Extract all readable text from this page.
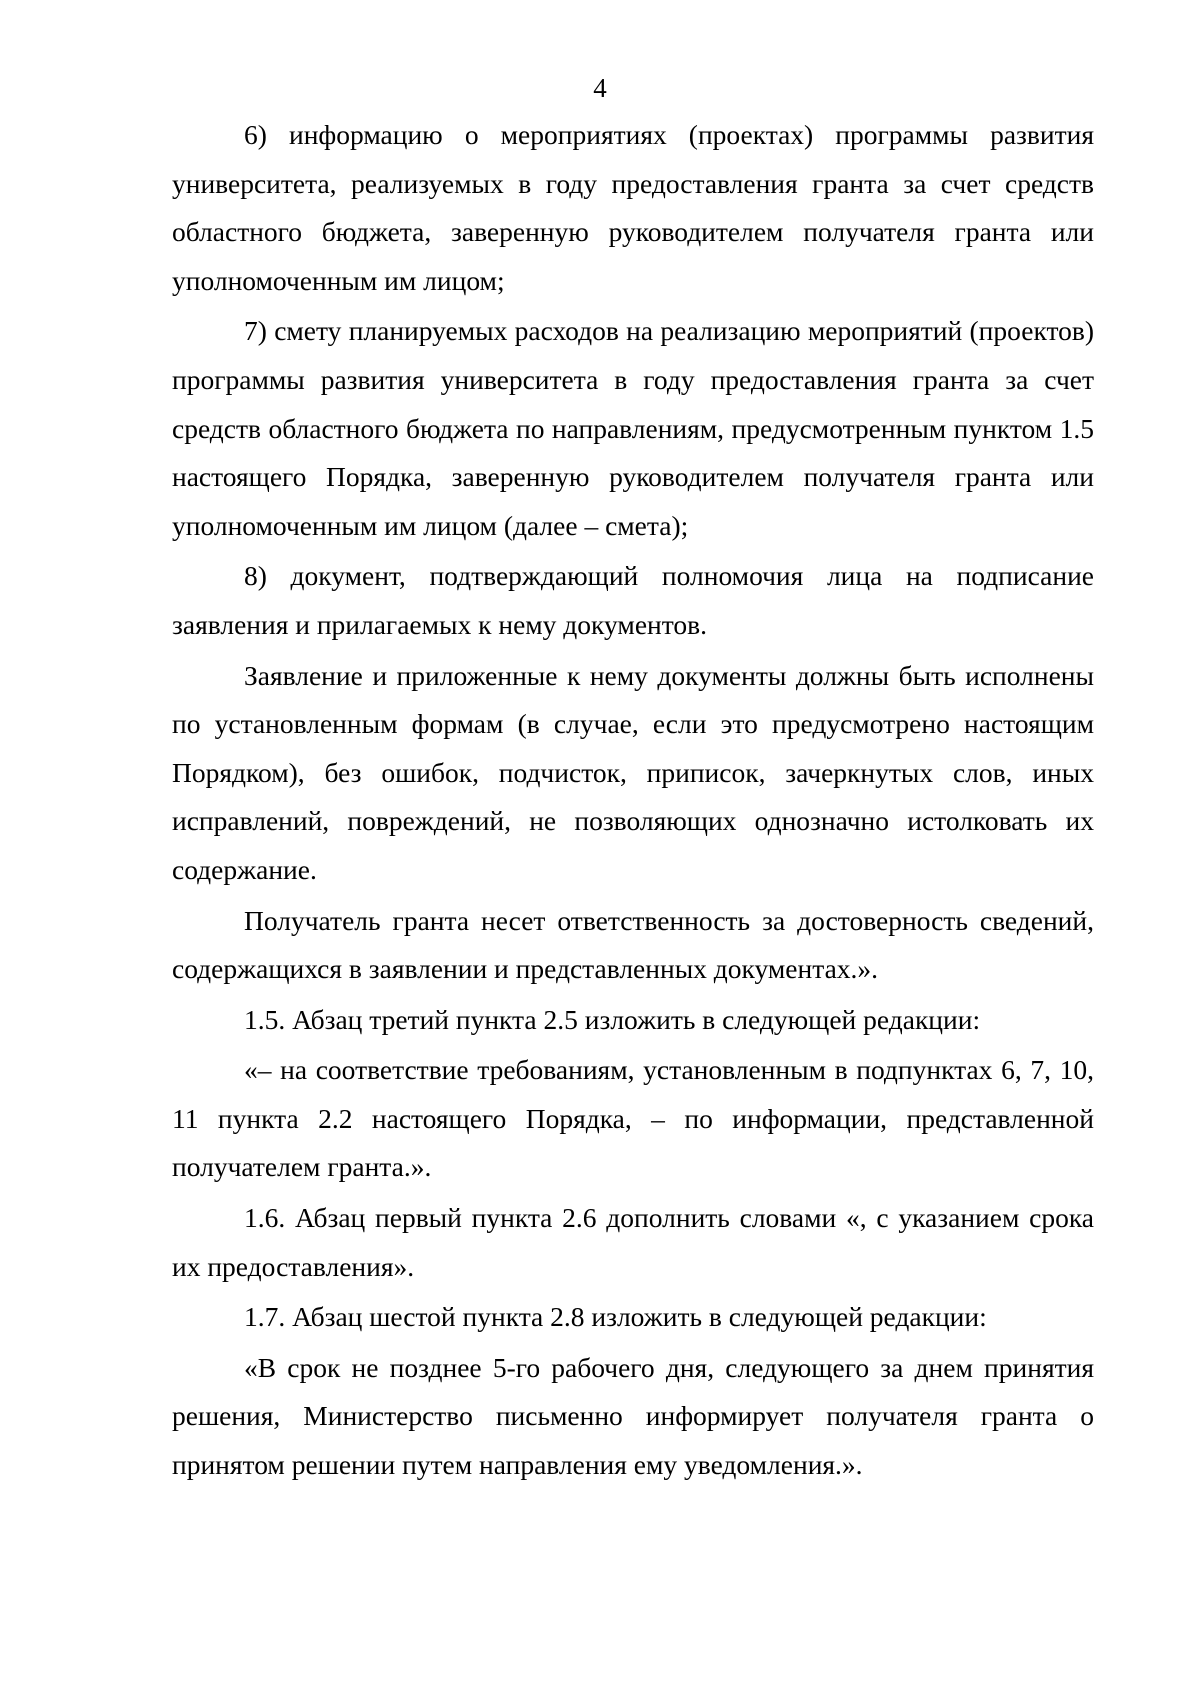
4

6) информацию о мероприятиях (проектах) программы развития университета, реализуемых в году предоставления гранта за счет средств областного бюджета, заверенную руководителем получателя гранта или уполномоченным им лицом;

7) смету планируемых расходов на реализацию мероприятий (проектов) программы развития университета в году предоставления гранта за счет средств областного бюджета по направлениям, предусмотренным пунктом 1.5 настоящего Порядка, заверенную руководителем получателя гранта или уполномоченным им лицом (далее – смета);

8) документ, подтверждающий полномочия лица на подписание заявления и прилагаемых к нему документов.

Заявление и приложенные к нему документы должны быть исполнены по установленным формам (в случае, если это предусмотрено настоящим Порядком), без ошибок, подчисток, приписок, зачеркнутых слов, иных исправлений, повреждений, не позволяющих однозначно истолковать их содержание.

Получатель гранта несет ответственность за достоверность сведений, содержащихся в заявлении и представленных документах.».

1.5. Абзац третий пункта 2.5 изложить в следующей редакции:

«– на соответствие требованиям, установленным в подпунктах 6, 7, 10, 11 пункта 2.2 настоящего Порядка, – по информации, представленной получателем гранта.».

1.6. Абзац первый пункта 2.6 дополнить словами «, с указанием срока их предоставления».

1.7. Абзац шестой пункта 2.8 изложить в следующей редакции:

«В срок не позднее 5-го рабочего дня, следующего за днем принятия решения, Министерство письменно информирует получателя гранта о принятом решении путем направления ему уведомления.».
